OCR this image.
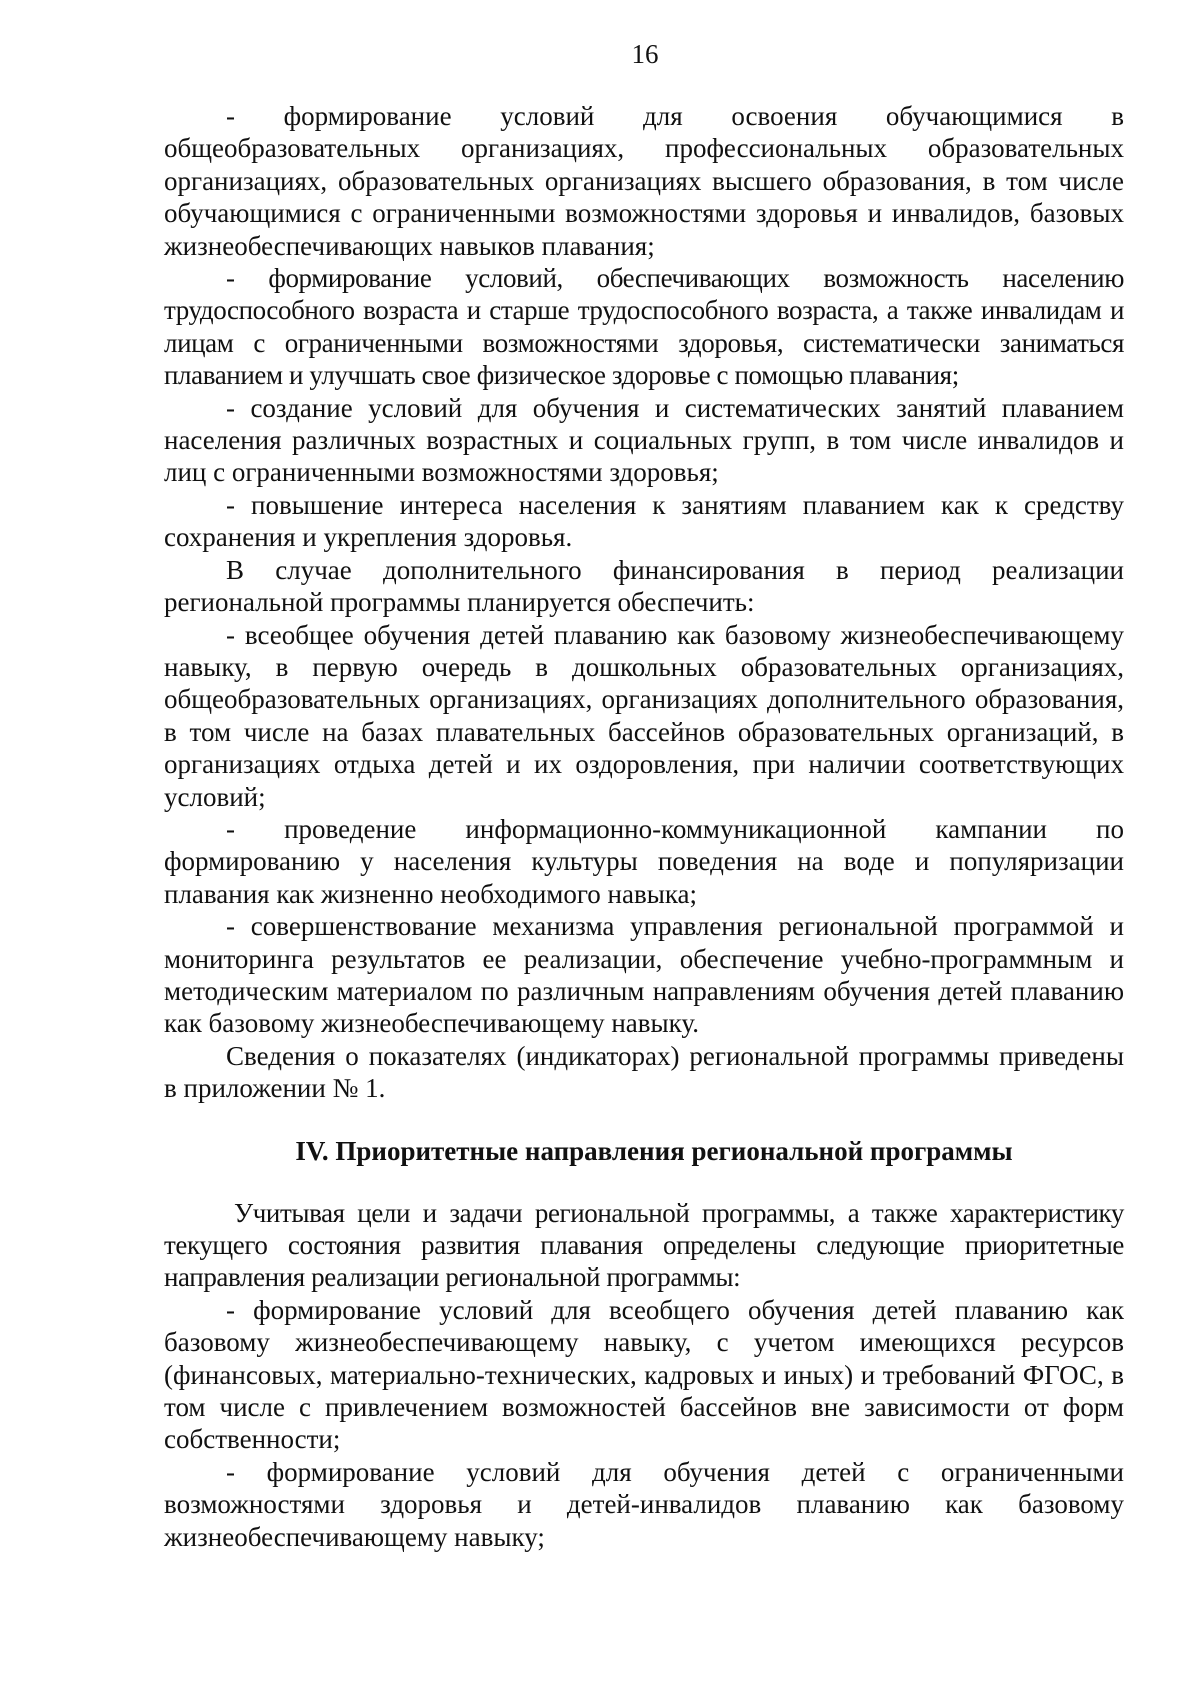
16

- формирование условий для освоения обучающимися в общеобразовательных организациях, профессиональных образовательных организациях, образовательных организациях высшего образования, в том числе обучающимися с ограниченными возможностями здоровья и инвалидов, базовых жизнеобеспечивающих навыков плавания;

- формирование условий, обеспечивающих возможность населению трудоспособного возраста и старше трудоспособного возраста, а также инвалидам и лицам с ограниченными возможностями здоровья, систематически заниматься плаванием и улучшать свое физическое здоровье с помощью плавания;

- создание условий для обучения и систематических занятий плаванием населения различных возрастных и социальных групп, в том числе инвалидов и лиц с ограниченными возможностями здоровья;

- повышение интереса населения к занятиям плаванием как к средству сохранения и укрепления здоровья.

В случае дополнительного финансирования в период реализации региональной программы планируется обеспечить:

- всеобщее обучения детей плаванию как базовому жизнеобеспечивающему навыку, в первую очередь в дошкольных образовательных организациях, общеобразовательных организациях, организациях дополнительного образования, в том числе на базах плавательных бассейнов образовательных организаций, в организациях отдыха детей и их оздоровления, при наличии соответствующих условий;

- проведение информационно-коммуникационной кампании по формированию у населения культуры поведения на воде и популяризации плавания как жизненно необходимого навыка;

- совершенствование механизма управления региональной программой и мониторинга результатов ее реализации, обеспечение учебно-программным и методическим материалом по различным направлениям обучения детей плаванию как базовому жизнеобеспечивающему навыку.

Сведения о показателях (индикаторах) региональной программы приведены в приложении № 1.

IV. Приоритетные направления региональной программы

Учитывая цели и задачи региональной программы, а также характеристику текущего состояния развития плавания определены следующие приоритетные направления реализации региональной программы:

- формирование условий для всеобщего обучения детей плаванию как базовому жизнеобеспечивающему навыку, с учетом имеющихся ресурсов (финансовых, материально-технических, кадровых и иных) и требований ФГОС, в том числе с привлечением возможностей бассейнов вне зависимости от форм собственности;

- формирование условий для обучения детей с ограниченными возможностями здоровья и детей-инвалидов плаванию как базовому жизнеобеспечивающему навыку;
